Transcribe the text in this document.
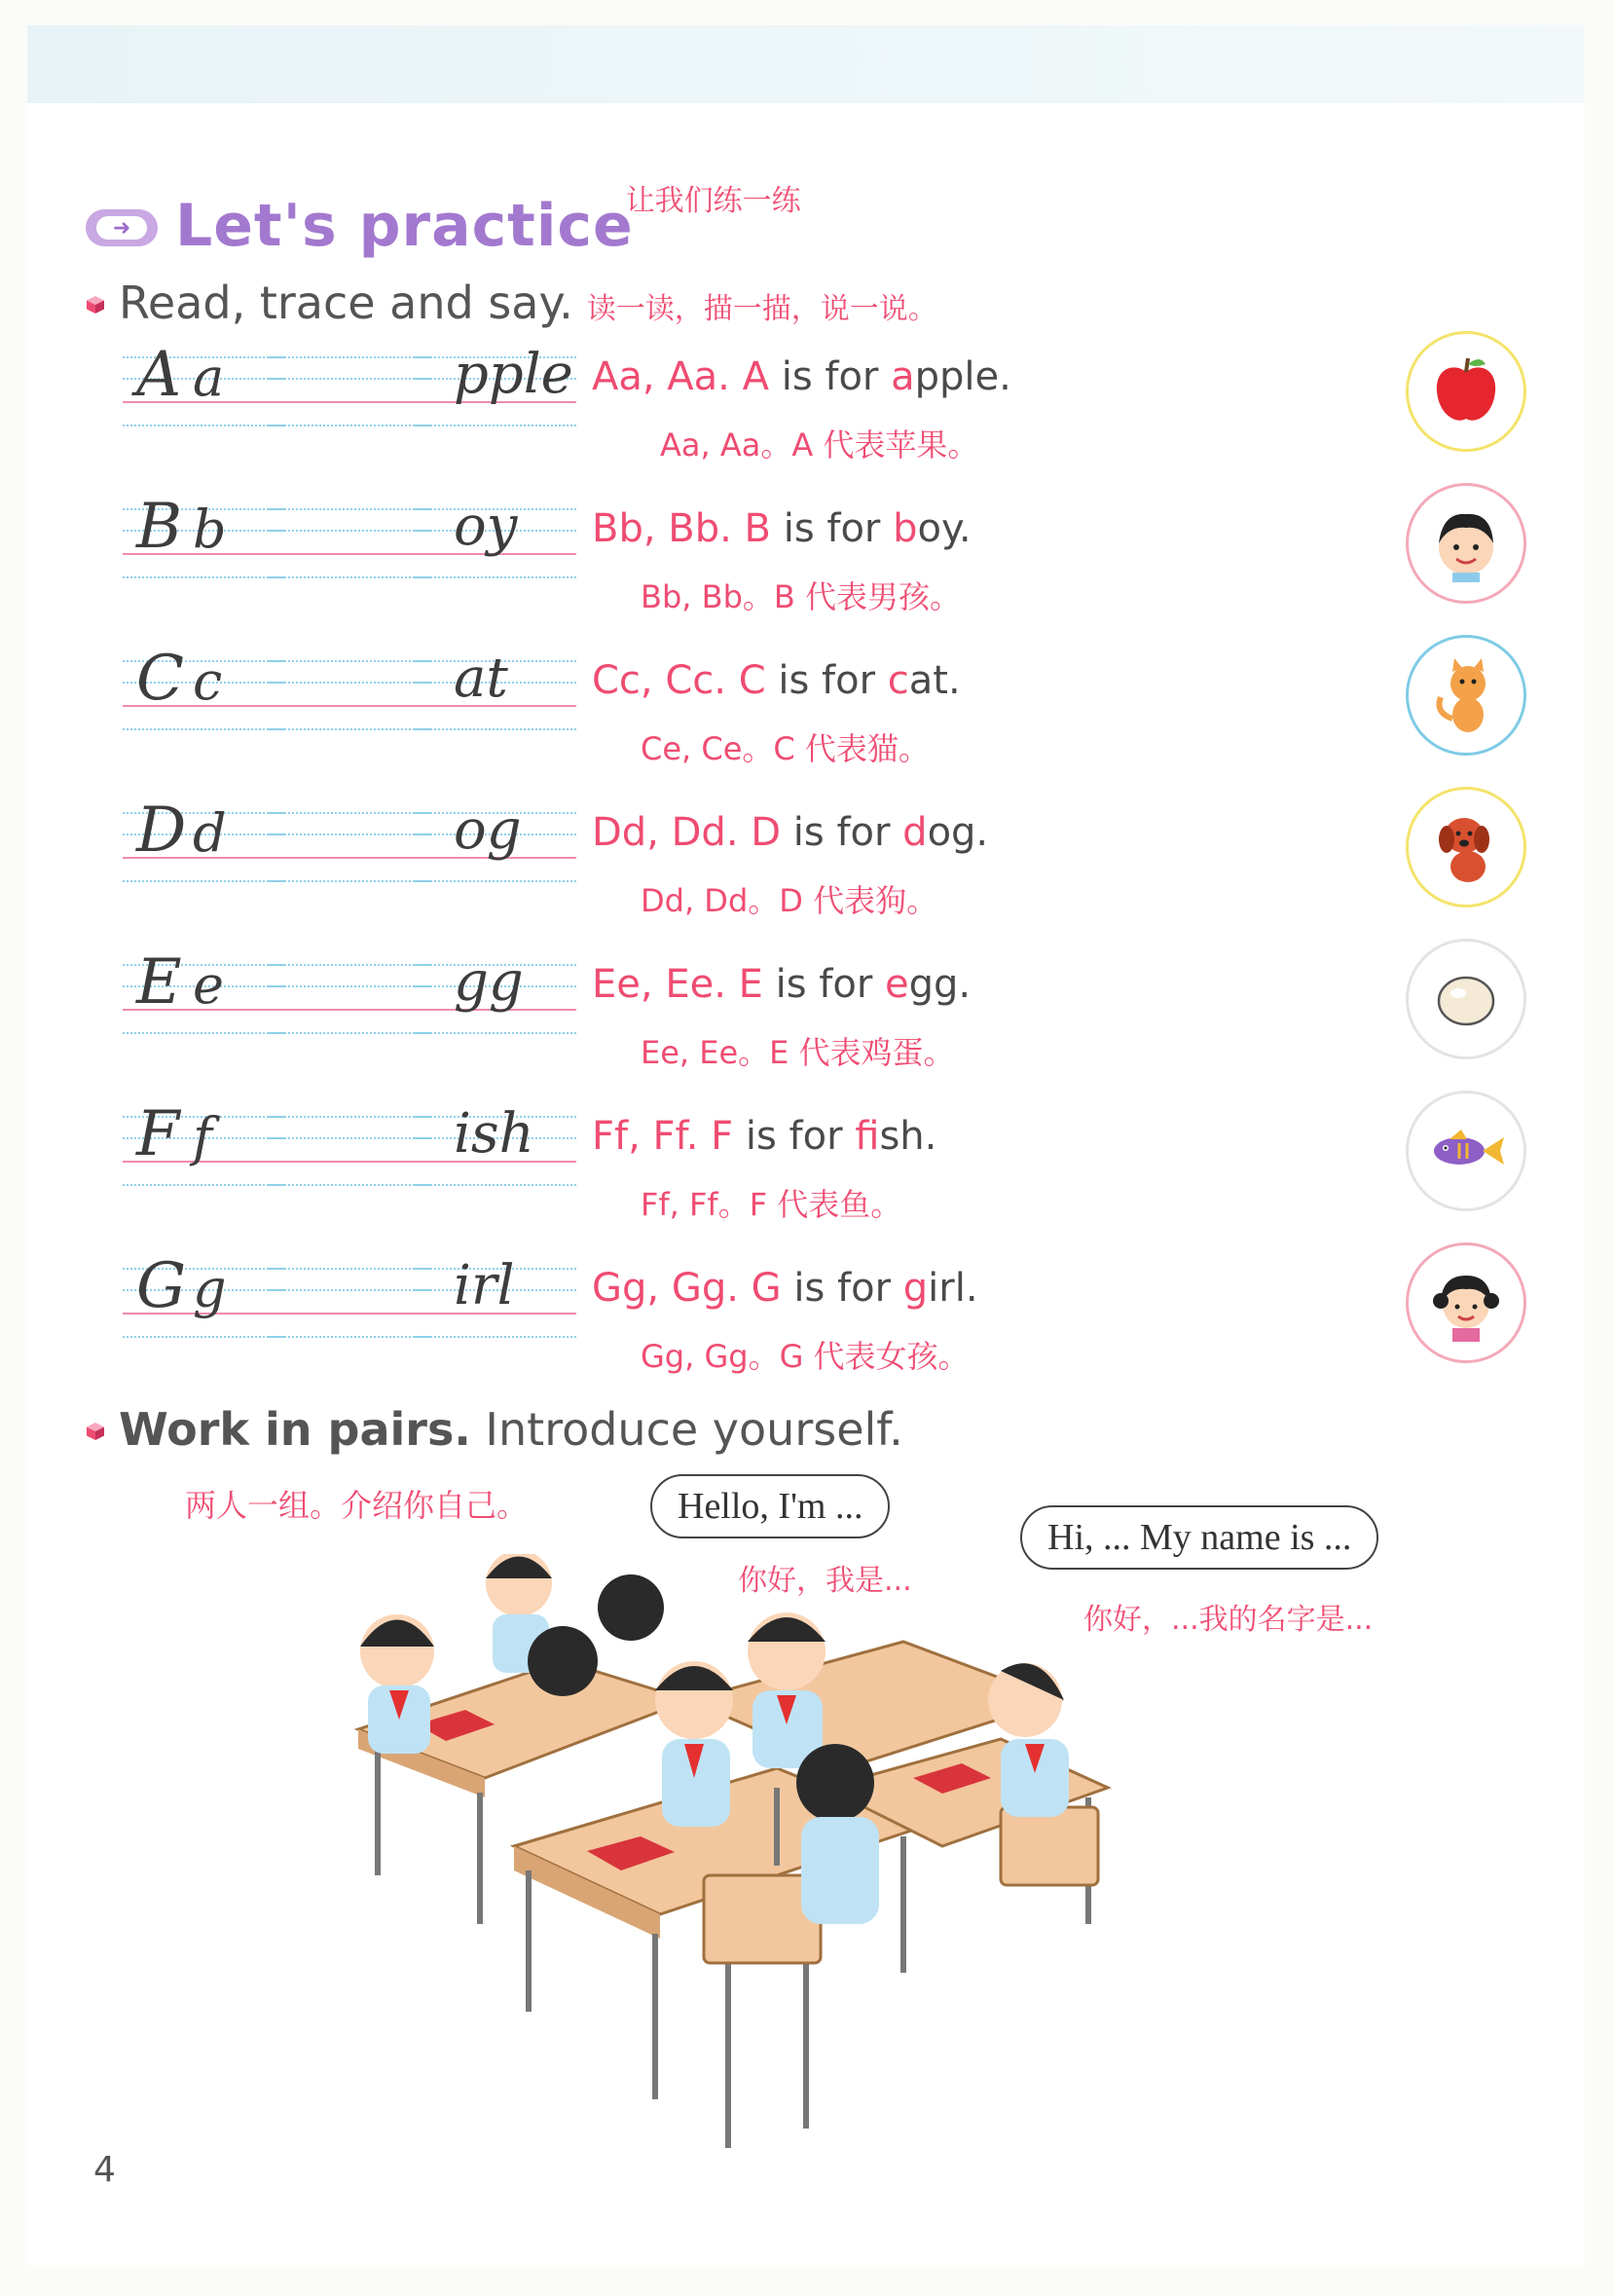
➜ Let's practice
让我们练一练
Read, trace and say. 读一读，描一描，说一说。
A a	pple Aa, Aa. A is for apple.
Aa, Aa。A 代表苹果。
B b	oy Bb, Bb. B is for boy.
Bb, Bb。B 代表男孩。
C c	at Cc, Cc. C is for cat.
Ce, Ce。C 代表猫。
D d	og Dd, Dd. D is for dog.
Dd, Dd。D 代表狗。
E e	gg Ee, Ee. E is for egg.
Ee, Ee。E 代表鸡蛋。
F f	ish Ff, Ff. F is for fish.
Ff, Ff。F 代表鱼。
G g	irl Gg, Gg. G is for girl.
Gg, Gg。G 代表女孩。
Work in pairs. Introduce yourself.
两人一组。介绍你自己。	Hello, I'm ...
你好，我是...
Hi, ... My name is ...
你好，...我的名字是...
4
